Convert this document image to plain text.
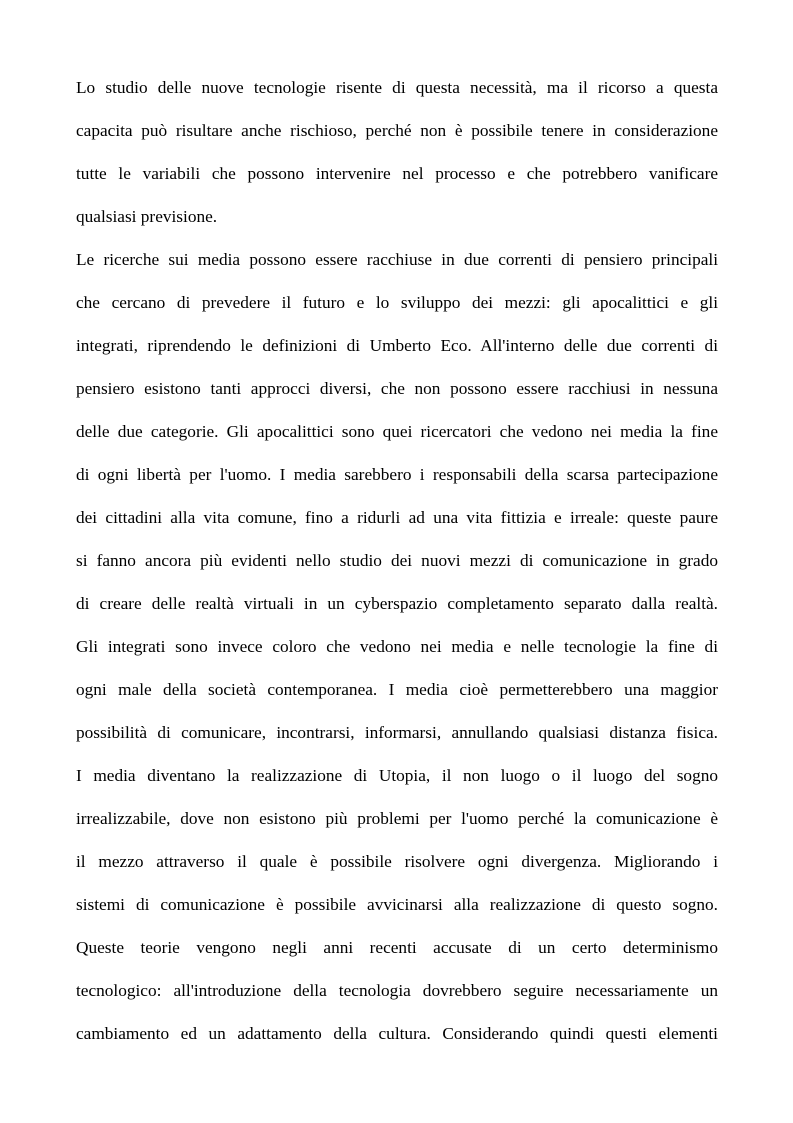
Lo studio delle nuove tecnologie risente di questa necessità, ma il ricorso a questa
capacita può risultare anche rischioso, perché non è possibile tenere in considerazione
tutte le variabili che possono intervenire nel processo e che potrebbero vanificare
qualsiasi previsione.
Le ricerche sui media possono essere racchiuse in due correnti di pensiero principali
che cercano di prevedere il futuro e lo sviluppo dei mezzi: gli apocalittici e gli
integrati, riprendendo le definizioni di Umberto Eco. All'interno delle due correnti di
pensiero esistono tanti approcci diversi, che non possono essere racchiusi in nessuna
delle due categorie. Gli apocalittici sono quei ricercatori che vedono nei media la fine
di ogni libertà per l'uomo. I media sarebbero i responsabili della scarsa partecipazione
dei cittadini alla vita comune, fino a ridurli ad una vita fittizia e irreale: queste paure
si fanno ancora più evidenti nello studio dei nuovi mezzi di comunicazione in grado
di creare delle realtà virtuali in un cyberspazio completamento separato dalla realtà.
Gli integrati sono invece coloro che vedono nei media e nelle tecnologie la fine di
ogni male della società contemporanea. I media cioè permetterebbero una maggior
possibilità di comunicare, incontrarsi, informarsi, annullando qualsiasi distanza fisica.
I media diventano la realizzazione di Utopia, il non luogo o il luogo del sogno
irrealizzabile, dove non esistono più problemi per l'uomo perché la comunicazione è
il mezzo attraverso il quale è possibile risolvere ogni divergenza. Migliorando i
sistemi di comunicazione è possibile avvicinarsi alla realizzazione di questo sogno.
Queste teorie vengono negli anni recenti accusate di un certo determinismo
tecnologico: all'introduzione della tecnologia dovrebbero seguire necessariamente un
cambiamento ed un adattamento della cultura. Considerando quindi questi elementi
